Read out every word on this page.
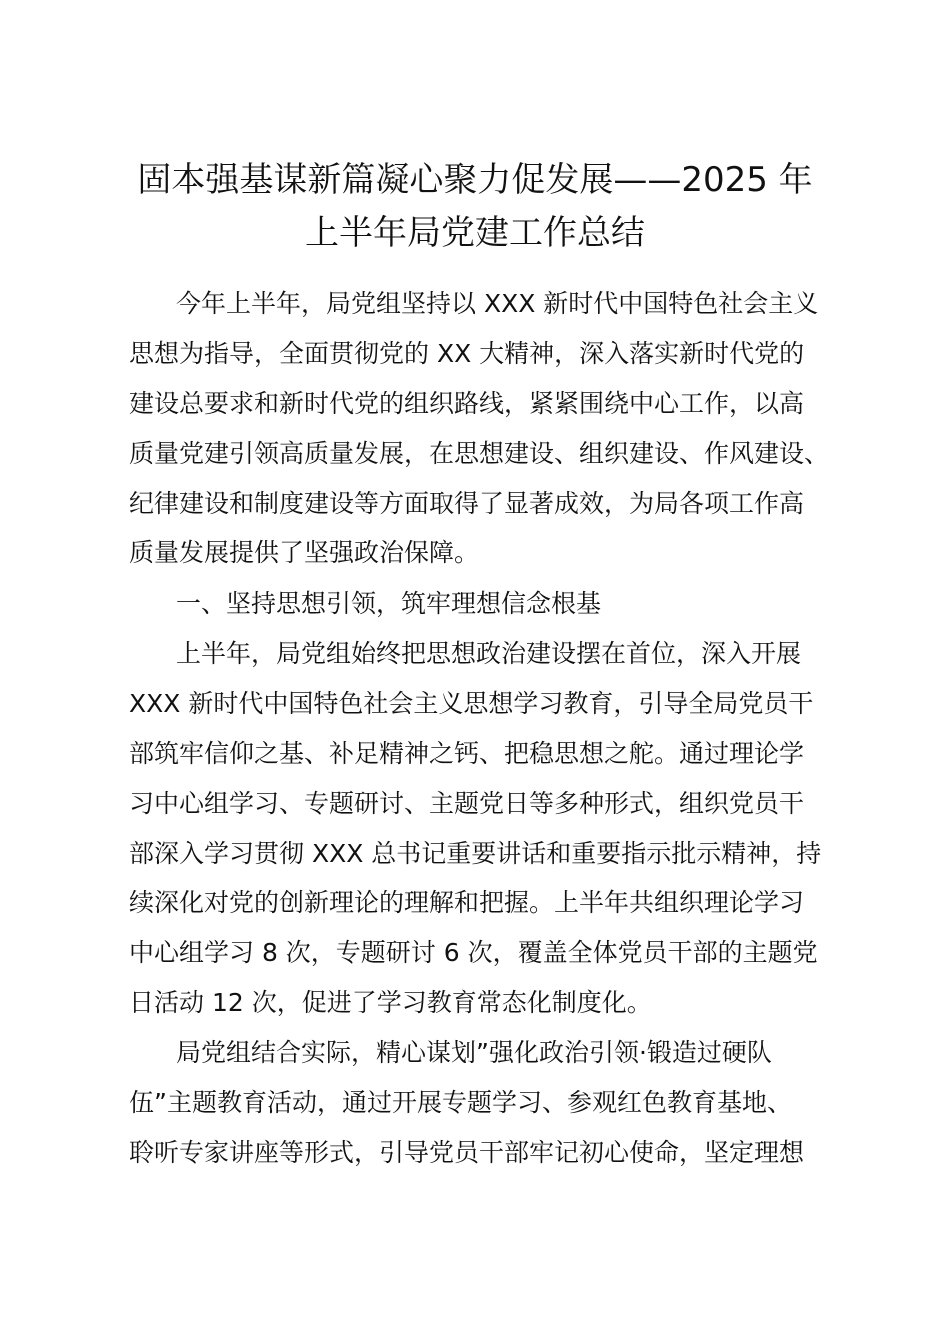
固本强基谋新篇凝心聚力促发展——2025 年
上半年局党建工作总结
今年上半年，局党组坚持以 XXX 新时代中国特色社会主义
思想为指导，全面贯彻党的 XX 大精神，深入落实新时代党的
建设总要求和新时代党的组织路线，紧紧围绕中心工作，以高
质量党建引领高质量发展，在思想建设、组织建设、作风建设、
纪律建设和制度建设等方面取得了显著成效，为局各项工作高
质量发展提供了坚强政治保障。
一、坚持思想引领，筑牢理想信念根基
上半年，局党组始终把思想政治建设摆在首位，深入开展
XXX 新时代中国特色社会主义思想学习教育，引导全局党员干
部筑牢信仰之基、补足精神之钙、把稳思想之舵。通过理论学
习中心组学习、专题研讨、主题党日等多种形式，组织党员干
部深入学习贯彻 XXX 总书记重要讲话和重要指示批示精神，持
续深化对党的创新理论的理解和把握。上半年共组织理论学习
中心组学习 8 次，专题研讨 6 次，覆盖全体党员干部的主题党
日活动 12 次，促进了学习教育常态化制度化。
局党组结合实际，精心谋划”强化政治引领·锻造过硬队
伍”主题教育活动，通过开展专题学习、参观红色教育基地、
聆听专家讲座等形式，引导党员干部牢记初心使命，坚定理想
